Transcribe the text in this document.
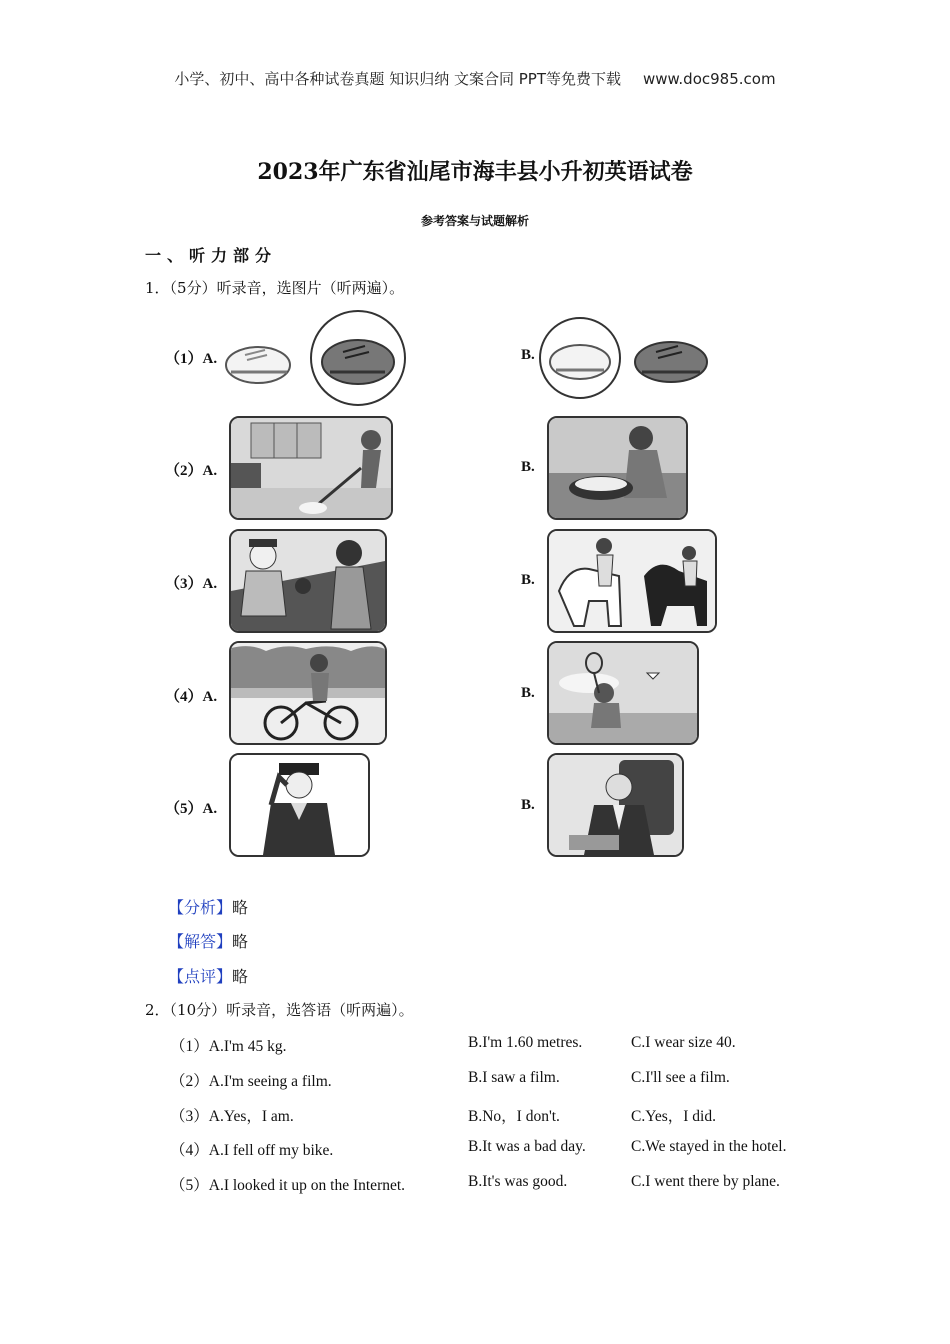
小学、初中、高中各种试卷真题 知识归纳 文案合同 PPT等免费下载 www.doc985.com
2023年广东省汕尾市海丰县小升初英语试卷
参考答案与试题解析
一、听力部分
1．（5分）听录音，选图片（听两遍）。
（1）A.	B.
（2）A.	B.
（3）A.	B.
（4）A.	B.
（5）A.	B.
【分析】略
【解答】略
【点评】略
2．（10分）听录音，选答语（听两遍）。
（1）A.I'm 45 kg.	B.I'm 1.60 metres.	C.I wear size 40.
（2）A.I'm seeing a film.	B.I saw a film.	C.I'll see a film.
（3）A.Yes，I am.	B.No，I don't.	C.Yes，I did.
（4）A.I fell off my bike.	B.It was a bad day.	C.We stayed in the hotel.
（5）A.I looked it up on the Internet.	B.It's was good.	C.I went there by plane.
